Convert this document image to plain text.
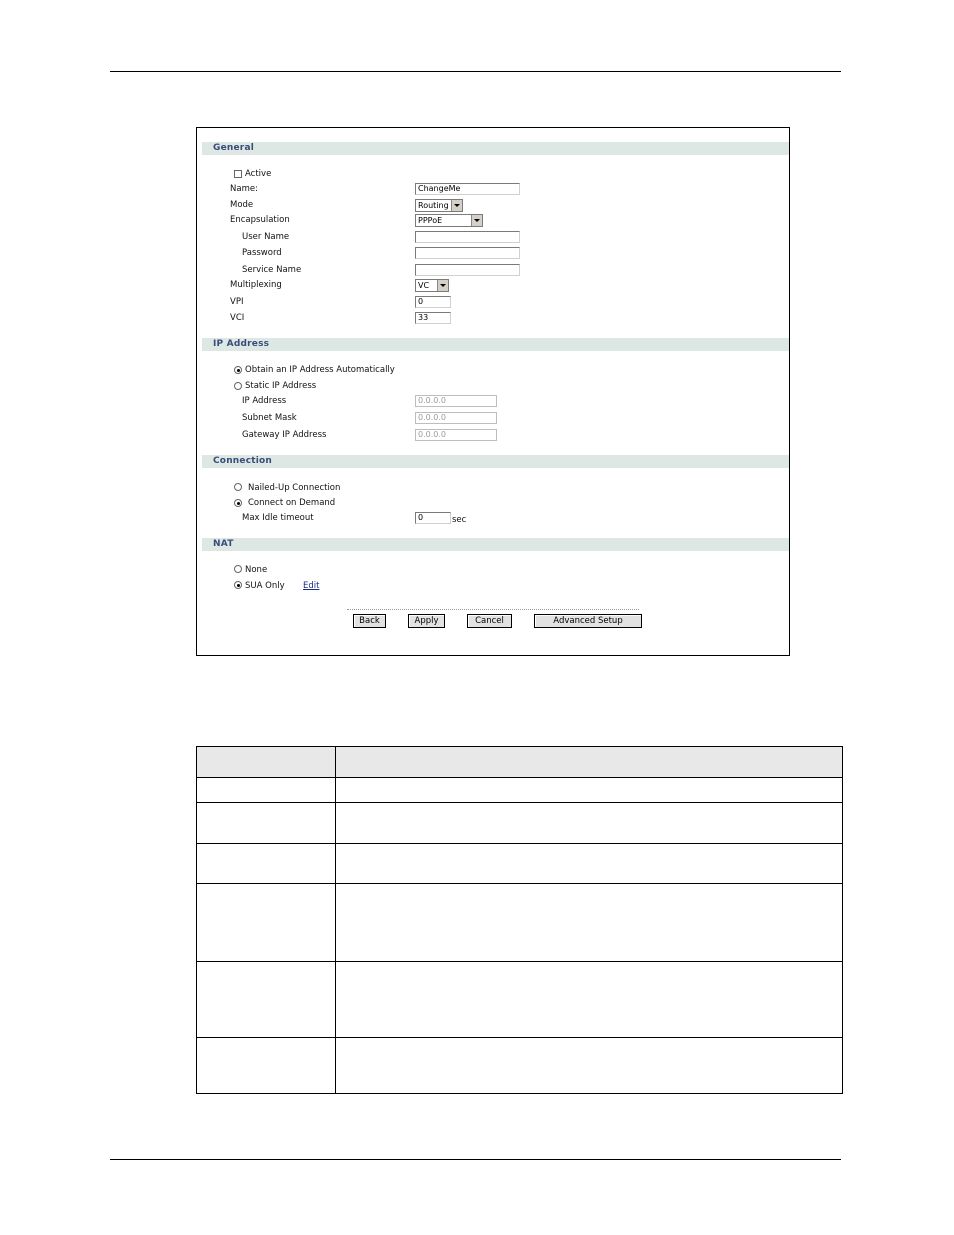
General
Active
Name:	ChangeMe
Mode	Routing
Encapsulation	PPPoE
User Name
Password
Service Name
Multiplexing	VC
VPI	0
VCI	33
IP Address
Obtain an IP Address Automatically
Static IP Address
IP Address	0.0.0.0
Subnet Mask	0.0.0.0
Gateway IP Address	0.0.0.0
Connection
Nailed-Up Connection
Connect on Demand
Max Idle timeout	0	sec
NAT
None
SUA Only Edit
Back	Apply	Cancel	Advanced Setup
